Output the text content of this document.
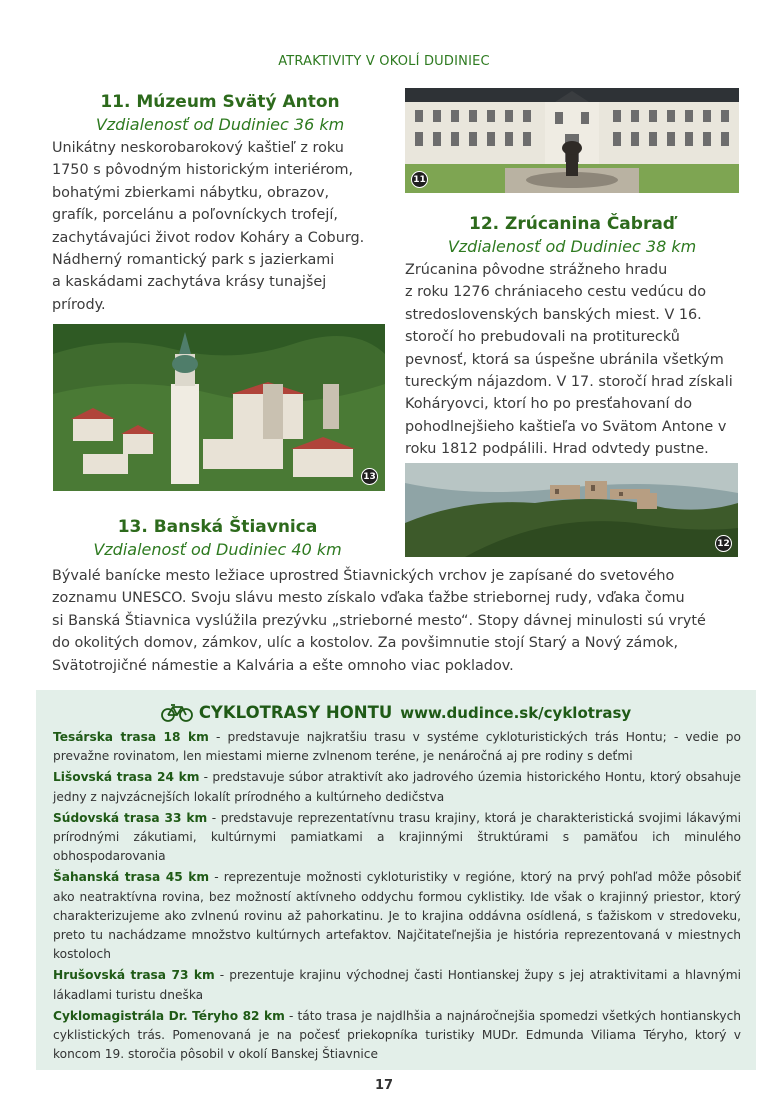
ATRAKTIVITY V OKOLÍ DUDINIEC
11. Múzeum Svätý Anton
Vzdialenosť od Dudiniec 36 km
Unikátny neskorobarokový kaštieľ z roku
1750 s pôvodným historickým interiérom,
bohatými zbierkami nábytku, obrazov,
grafík, porcelánu a poľovníckych trofejí,
zachytávajúci život rodov Koháry a Coburg.
Nádherný romantický park s jazierkami
a kaskádami zachytáva krásy tunajšej
prírody.
11
13
12. Zrúcanina Čabraď
Vzdialenosť od Dudiniec 38 km
Zrúcanina pôvodne strážneho hradu
z roku 1276 chrániaceho cestu vedúcu do
stredoslovenských banských miest. V 16.
storočí ho prebudovali na protiturecků
pevnosť, ktorá sa úspešne ubránila všetkým
tureckým nájazdom. V 17. storočí hrad získali
Koháryovci, ktorí ho po presťahovaní do
pohodlnejšieho kaštieľa vo Svätom Antone v
roku 1812 podpálili. Hrad odvtedy pustne.
12
13. Banská Štiavnica
Vzdialenosť od Dudiniec 40 km
Bývalé banícke mesto ležiace uprostred Štiavnických vrchov je zapísané do svetového
zoznamu UNESCO. Svoju slávu mesto získalo vďaka ťažbe striebornej rudy, vďaka čomu
si Banská Štiavnica vyslúžila prezývku „strieborné mesto“. Stopy dávnej minulosti sú vryté
do okolitých domov, zámkov, ulíc a kostolov. Za povšimnutie stojí Starý a Nový zámok,
Svätotrojičné námestie a Kalvária a ešte omnoho viac pokladov.
CYKLOTRASY HONTU www.dudince.sk/cyklotrasy

Tesárska trasa 18 km - predstavuje najkratšiu trasu v systéme cykloturistických trás Hontu; - vedie po prevažne rovinatom, len miestami mierne zvlnenom teréne, je nenáročná aj pre rodiny s deťmi

Lišovská trasa 24 km - predstavuje súbor atraktivít ako jadrového územia historického Hontu, ktorý obsahuje jedny z najvzácnejších lokalít prírodného a kultúrneho dedičstva

Súdovská trasa 33 km - predstavuje reprezentatívnu trasu krajiny, ktorá je charakteristická svojimi lákavými prírodnými zákutiami, kultúrnymi pamiatkami a krajinnými štruktúrami s pamäťou ich minulého obhospodarovania

Šahanská trasa 45 km - reprezentuje možnosti cykloturistiky v regióne, ktorý na prvý pohľad môže pôsobiť ako neatraktívna rovina, bez možností aktívneho oddychu formou cyklistiky. Ide však o krajinný priestor, ktorý charakterizujeme ako zvlnenú rovinu až pahorkatinu. Je to krajina oddávna osídlená, s ťažiskom v stredoveku, preto tu nachádzame množstvo kultúrnych artefaktov. Najčitateľnejšia je história reprezentovaná v miestnych kostoloch

Hrušovská trasa 73 km - prezentuje krajinu východnej časti Hontianskej župy s jej atraktivitami a hlavnými lákadlami turistu dneška

Cyklomagistrála Dr. Téryho 82 km - táto trasa je najdlhšia a najnáročnejšia spomedzi všetkých hontianskych cyklistických trás. Pomenovaná je na počesť priekopníka turistiky MUDr. Edmunda Viliama Téryho, ktorý v koncom 19. storočia pôsobil v okolí Banskej Štiavnice

17
